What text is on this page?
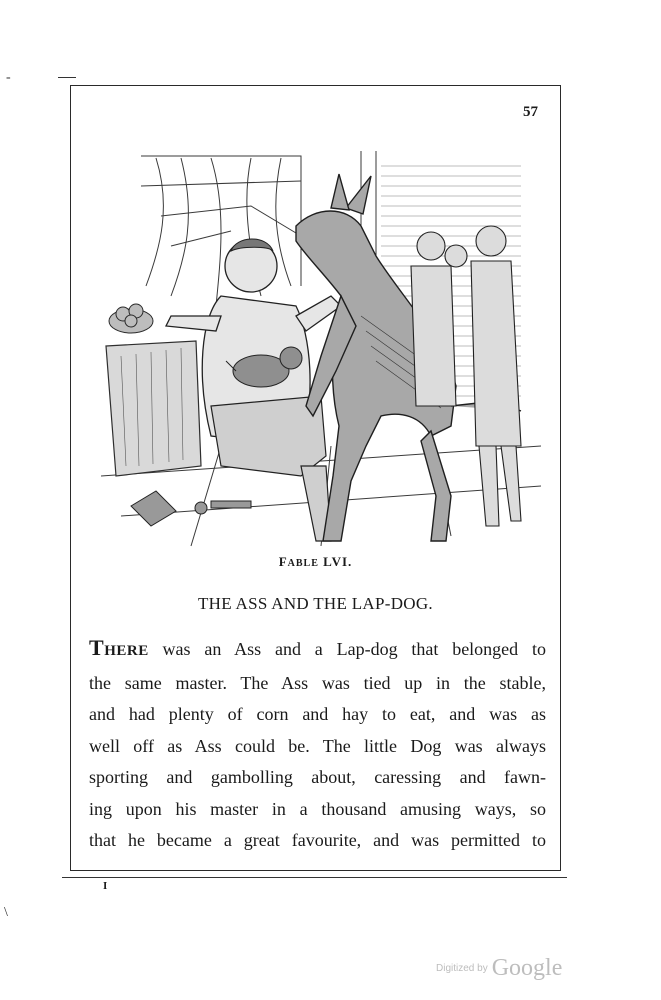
-
\
57
FABLE LVI.
THE ASS AND THE LAP-DOG.
THERE was an Ass and a Lap-dog that belonged to
the same master. The Ass was tied up in the stable,
and had plenty of corn and hay to eat, and was as
well off as Ass could be. The little Dog was always
sporting and gambolling about, caressing and fawn-
ing upon his master in a thousand amusing ways, so
that he became a great favourite, and was permitted to
I
Digitized by Google
